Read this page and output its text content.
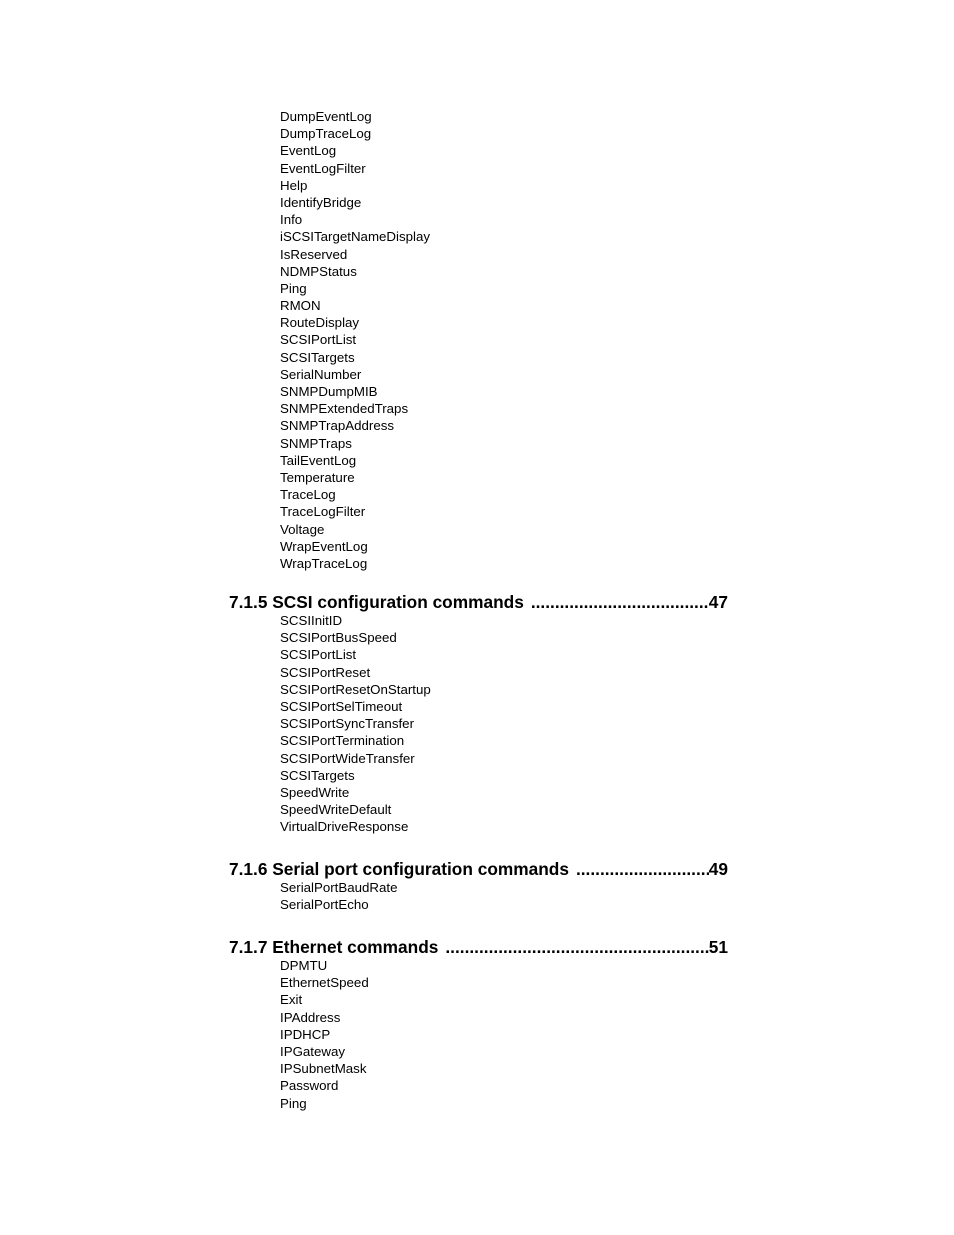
DumpEventLog
DumpTraceLog
EventLog
EventLogFilter
Help
IdentifyBridge
Info
iSCSITargetNameDisplay
IsReserved
NDMPStatus
Ping
RMON
RouteDisplay
SCSIPortList
SCSITargets
SerialNumber
SNMPDumpMIB
SNMPExtendedTraps
SNMPTrapAddress
SNMPTraps
TailEventLog
Temperature
TraceLog
TraceLogFilter
Voltage
WrapEventLog
WrapTraceLog
7.1.5 SCSI configuration commands .....	47
SCSIInitID
SCSIPortBusSpeed
SCSIPortList
SCSIPortReset
SCSIPortResetOnStartup
SCSIPortSelTimeout
SCSIPortSyncTransfer
SCSIPortTermination
SCSIPortWideTransfer
SCSITargets
SpeedWrite
SpeedWriteDefault
VirtualDriveResponse
7.1.6 Serial port configuration commands .....	49
SerialPortBaudRate
SerialPortEcho
7.1.7 Ethernet commands .....	51
DPMTU
EthernetSpeed
Exit
IPAddress
IPDHCP
IPGateway
IPSubnetMask
Password
Ping
